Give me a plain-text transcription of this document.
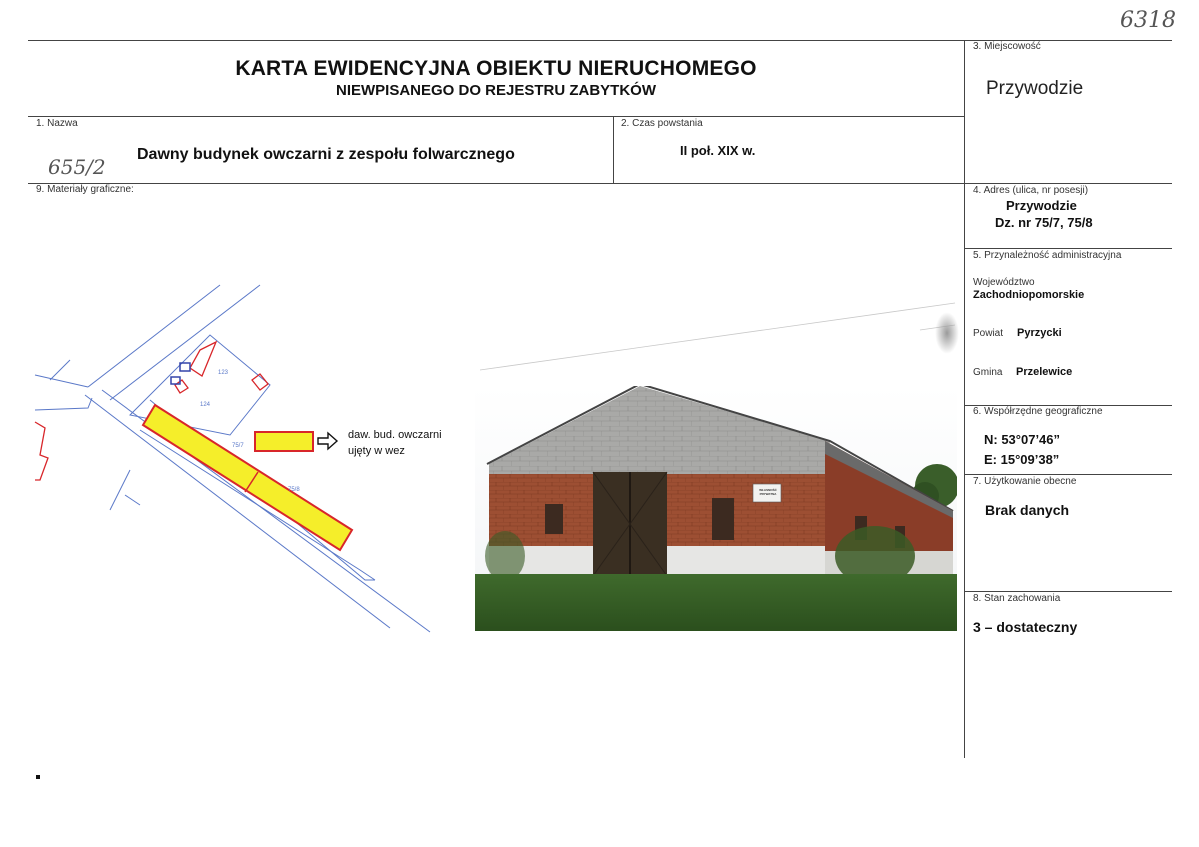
6318
655/2
KARTA EWIDENCYJNA OBIEKTU NIERUCHOMEGO
NIEWPISANEGO DO REJESTRU ZABYTKÓW
3. Miejscowość
Przywodzie
1. Nazwa
Dawny budynek owczarni z zespołu folwarcznego
2. Czas powstania
II poł. XIX w.
9. Materiały graficzne:	4. Adres (ulica, nr posesji)
Przywodzie
Dz. nr 75/7, 75/8
5. Przynależność administracyjna
Województwo
Zachodniopomorskie
Powiat Pyrzycki
Gmina Przelewice
6. Współrzędne geograficzne
N: 53°07’46”
E: 15°09’38”
7. Użytkowanie obecne
Brak danych
8. Stan zachowania
3 – dostateczny
123
124
75/7
75/8
daw. bud. owczarni
ujęty w wez
WŁASNOŚĆ PRYWATNA
